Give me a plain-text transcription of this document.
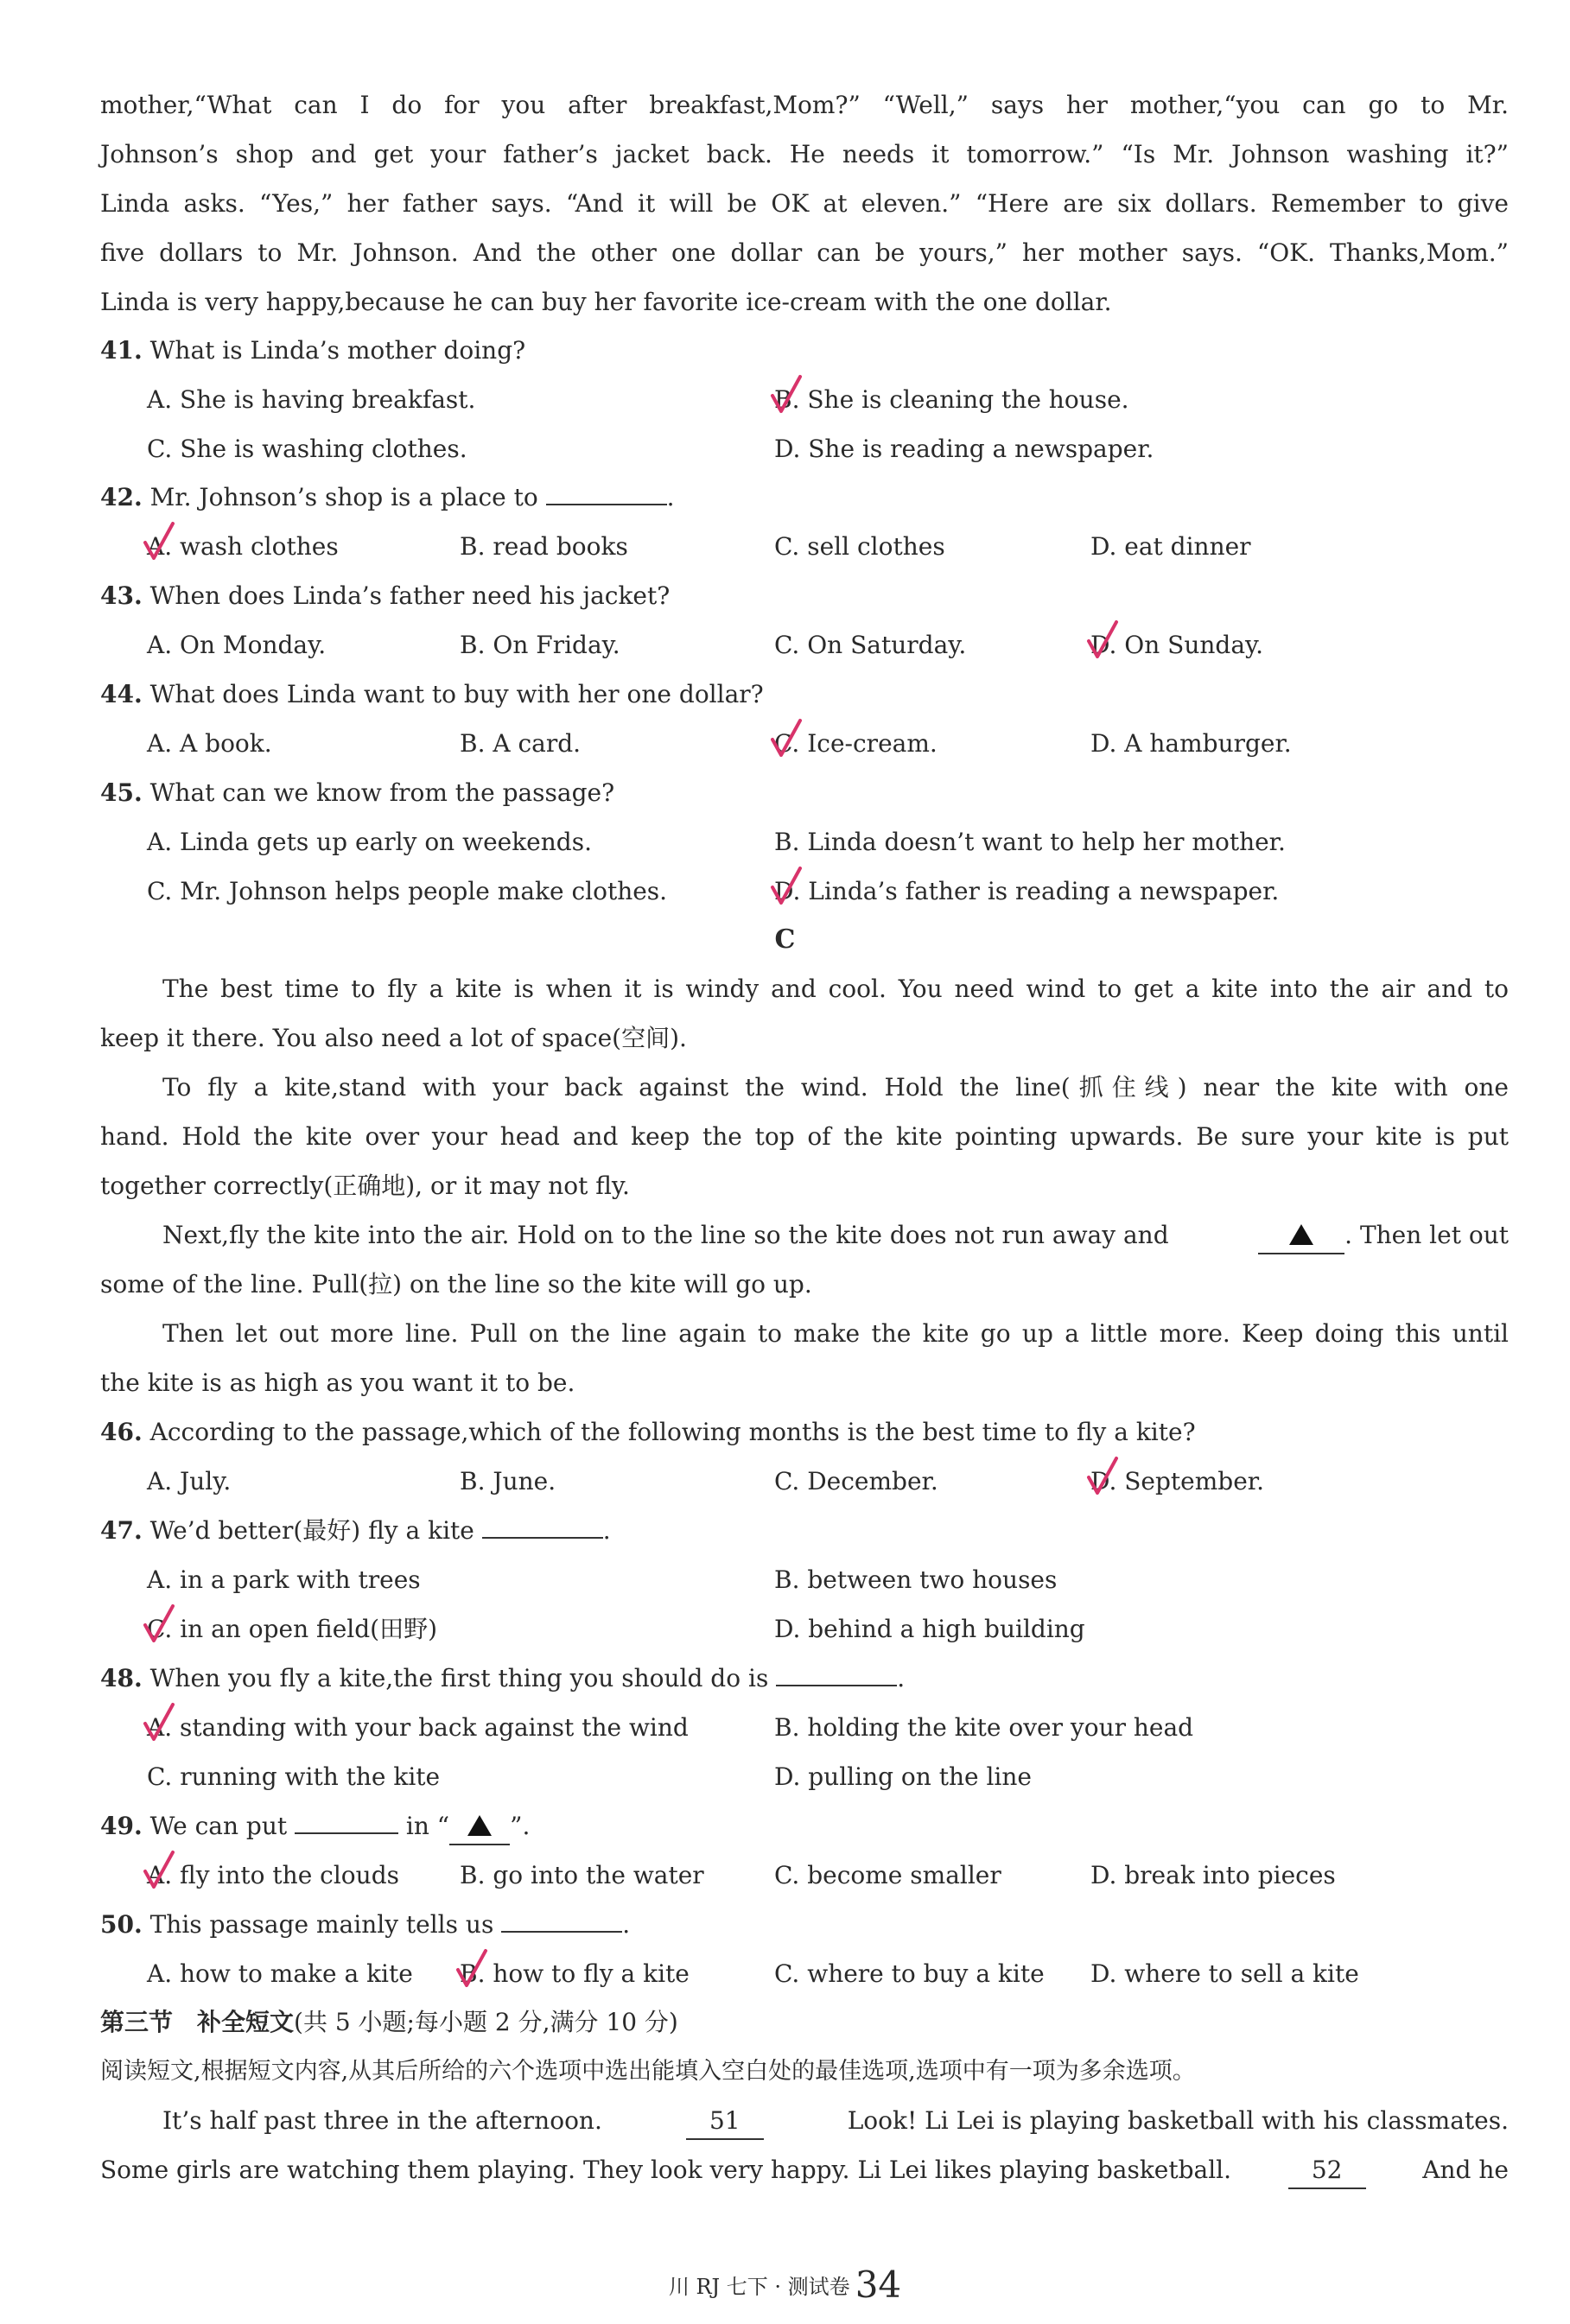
mother,“What can I do for you after breakfast,Mom?” “Well,” says her mother,“you can go to Mr.
Johnson’s shop and get your father’s jacket back. He needs it tomorrow.” “Is Mr. Johnson washing it?”
Linda asks. “Yes,” her father says. “And it will be OK at eleven.” “Here are six dollars. Remember to give
five dollars to Mr. Johnson. And the other one dollar can be yours,” her mother says. “OK. Thanks,Mom.”
Linda is very happy,because he can buy her favorite ice-cream with the one dollar.
41. What is Linda’s mother doing?
A. She is having breakfast.	B. She is cleaning the house.
C. She is washing clothes.	D. She is reading a newspaper.
42. Mr. Johnson’s shop is a place to	.
A. wash clothes	B. read books	C. sell clothes	D. eat dinner
43. When does Linda’s father need his jacket?
A. On Monday.	B. On Friday.	C. On Saturday.	D. On Sunday.
44. What does Linda want to buy with her one dollar?
A. A book.	B. A card.	C. Ice-cream.	D. A hamburger.
45. What can we know from the passage?
A. Linda gets up early on weekends.	B. Linda doesn’t want to help her mother.
C. Mr. Johnson helps people make clothes.	D. Linda’s father is reading a newspaper.
C
The best time to fly a kite is when it is windy and cool. You need wind to get a kite into the air and to
keep it there. You also need a lot of space(空间).
To fly a kite,stand with your back against the wind. Hold the line(抓住线) near the kite with one
hand. Hold the kite over your head and keep the top of the kite pointing upwards. Be sure your kite is put
together correctly(正确地), or it may not fly.
Next,fly the kite into the air. Hold on to the line so the kite does not run away and	. Then let out
some of the line. Pull(拉) on the line so the kite will go up.
Then let out more line. Pull on the line again to make the kite go up a little more. Keep doing this until
the kite is as high as you want it to be.
46. According to the passage,which of the following months is the best time to fly a kite?
A. July.	B. June.	C. December.	D. September.
47. We’d better(最好) fly a kite	.
A. in a park with trees	B. between two houses
C. in an open field(田野)	D. behind a high building
48. When you fly a kite,the first thing you should do is	.
A. standing with your back against the wind	B. holding the kite over your head
C. running with the kite	D. pulling on the line
49. We can put	in “	”.
A. fly into the clouds	B. go into the water	C. become smaller	D. break into pieces
50. This passage mainly tells us	.
A. how to make a kite B. how to fly a kite	C. where to buy a kite D. where to sell a kite
第三节　补全短文(共 5 小题;每小题 2 分,满分 10 分)
阅读短文,根据短文内容,从其后所给的六个选项中选出能填入空白处的最佳选项,选项中有一项为多余选项。
It’s half past three in the afternoon.	51	Look! Li Lei is playing basketball with his classmates.
Some girls are watching them playing. They look very happy. Li Lei likes playing basketball.	52	And he
川 RJ 七下 · 测试卷 34
